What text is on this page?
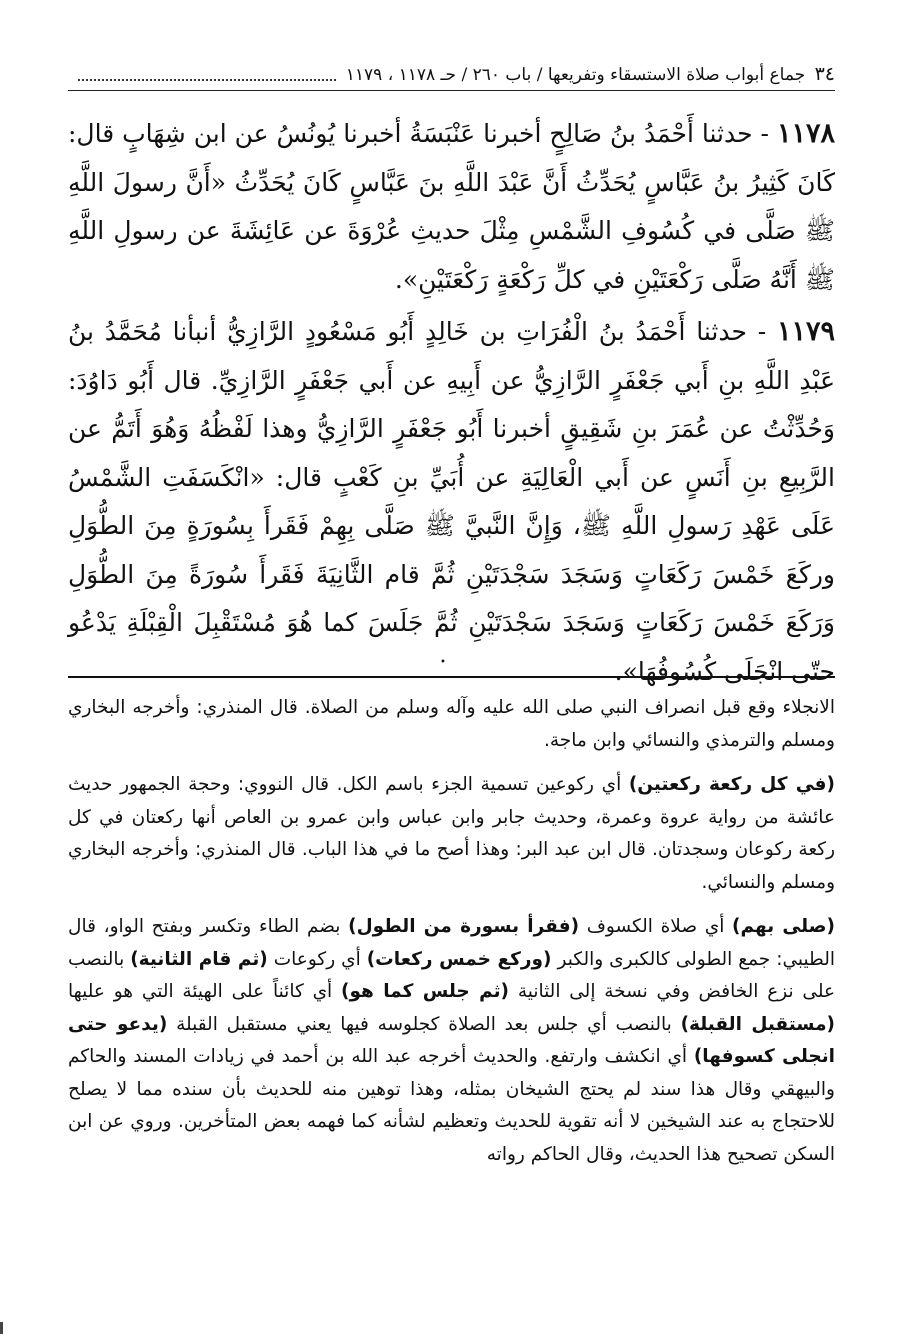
٣٤ جماع أبواب صلاة الاستسقاء وتفريعها / باب ٢٦٠ / حـ ١١٧٨ ، ١١٧٩

١١٧٨ - حدثنا أَحْمَدُ بنُ صَالِحٍ أخبرنا عَنْبَسَةُ أخبرنا يُونُسُ عن ابن شِهَابٍ قال: كَانَ كَثِيرُ بنُ عَبَّاسٍ يُحَدِّثُ أَنَّ عَبْدَ اللَّهِ بنَ عَبَّاسٍ كَانَ يُحَدِّثُ «أَنَّ رسولَ اللَّهِ ﷺ صَلَّى في كُسُوفِ الشَّمْسِ مِثْلَ حديثِ عُرْوَةَ عن عَائِشَةَ عن رسولِ اللَّهِ ﷺ أَنَّهُ صَلَّى رَكْعَتَيْنِ في كلِّ رَكْعَةٍ رَكْعَتَيْنِ».

١١٧٩ - حدثنا أَحْمَدُ بنُ الْفُرَاتِ بن خَالِدٍ أَبُو مَسْعُودٍ الرَّازِيُّ أنبأنا مُحَمَّدُ بنُ عَبْدِ اللَّهِ بنِ أَبي جَعْفَرٍ الرَّازِيُّ عن أَبِيهِ عن أَبي جَعْفَرٍ الرَّازِيِّ. قال أَبُو دَاوُدَ: وَحُدِّثْتُ عن عُمَرَ بنِ شَقِيقٍ أخبرنا أَبُو جَعْفَرٍ الرَّازِيُّ وهذا لَفْظُهُ وَهُوَ أَتَمُّ عن الرَّبِيعِ بنِ أَنَسٍ عن أَبي الْعَالِيَةِ عن أُبَيِّ بنِ كَعْبٍ قال: «انْكَسَفَتِ الشَّمْسُ عَلَى عَهْدِ رَسولِ اللَّهِ ﷺ، وَإِنَّ النَّبيَّ ﷺ صَلَّى بِهِمْ فَقَرأَ بِسُورَةٍ مِنَ الطُّوَلِ وركَعَ خَمْسَ رَكَعَاتٍ وَسَجَدَ سَجْدَتَيْنِ ثُمَّ قام الثَّانِيَةَ فَقَرأَ سُورَةً مِنَ الطُّوَلِ وَرَكَعَ خَمْسَ رَكَعَاتٍ وَسَجَدَ سَجْدَتَيْنِ ثُمَّ جَلَسَ كما هُوَ مُسْتَقْبِلَ الْقِبْلَةِ يَدْعُو حتّى انْجَلَى كُسُوفُهَا».

•

الانجلاء وقع قبل انصراف النبي صلى الله عليه وآله وسلم من الصلاة. قال المنذري: وأخرجه البخاري ومسلم والترمذي والنسائي وابن ماجة.

(في كل ركعة ركعتين) أي ركوعين تسمية الجزء باسم الكل. قال النووي: وحجة الجمهور حديث عائشة من رواية عروة وعمرة، وحديث جابر وابن عباس وابن عمرو بن العاص أنها ركعتان في كل ركعة ركوعان وسجدتان. قال ابن عبد البر: وهذا أصح ما في هذا الباب. قال المنذري: وأخرجه البخاري ومسلم والنسائي.

(صلى بهم) أي صلاة الكسوف (فقرأ بسورة من الطول) بضم الطاء وتكسر وبفتح الواو، قال الطيبي: جمع الطولى كالكبرى والكبر (وركع خمس ركعات) أي ركوعات (ثم قام الثانية) بالنصب على نزع الخافض وفي نسخة إلى الثانية (ثم جلس كما هو) أي كائناً على الهيئة التي هو عليها (مستقبل القبلة) بالنصب أي جلس بعد الصلاة كجلوسه فيها يعني مستقبل القبلة (يدعو حتى انجلى كسوفها) أي انكشف وارتفع. والحديث أخرجه عبد الله بن أحمد في زيادات المسند والحاكم والبيهقي وقال هذا سند لم يحتج الشيخان بمثله، وهذا توهين منه للحديث بأن سنده مما لا يصلح للاحتجاج به عند الشيخين لا أنه تقوية للحديث وتعظيم لشأنه كما فهمه بعض المتأخرين. وروي عن ابن السكن تصحيح هذا الحديث، وقال الحاكم رواته
